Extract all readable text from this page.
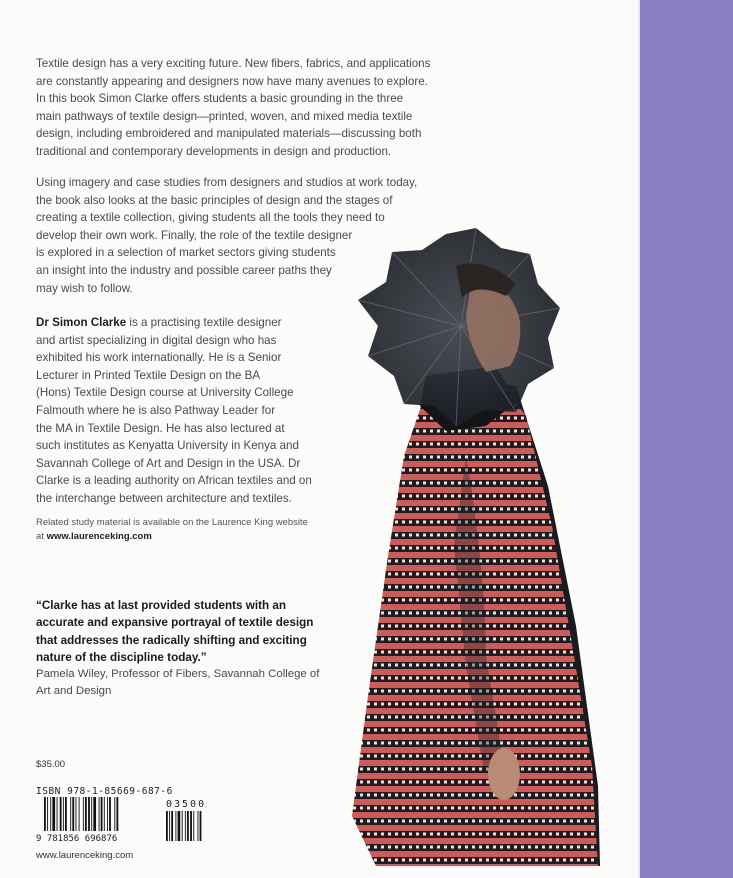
Textile design has a very exciting future. New fibers, fabrics, and applications
are constantly appearing and designers now have many avenues to explore.
In this book Simon Clarke offers students a basic grounding in the three
main pathways of textile design—printed, woven, and mixed media textile
design, including embroidered and manipulated materials—discussing both
traditional and contemporary developments in design and production.

Using imagery and case studies from designers and studios at work today,
the book also looks at the basic principles of design and the stages of
creating a textile collection, giving students all the tools they need to
develop their own work. Finally, the role of the textile designer
is explored in a selection of market sectors giving students
an insight into the industry and possible career paths they
may wish to follow.

Dr Simon Clarke is a practising textile designer
and artist specializing in digital design who has
exhibited his work internationally. He is a Senior
Lecturer in Printed Textile Design on the BA
(Hons) Textile Design course at University College
Falmouth where he is also Pathway Leader for
the MA in Textile Design. He has also lectured at
such institutes as Kenyatta University in Kenya and
Savannah College of Art and Design in the USA. Dr
Clarke is a leading authority on African textiles and on
the interchange between architecture and textiles.

Related study material is available on the Laurence King website
at www.laurenceking.com

“Clarke has at last provided students with an
accurate and expansive portrayal of textile design
that addresses the radically shifting and exciting
nature of the discipline today.”

Pamela Wiley, Professor of Fibers, Savannah College of
Art and Design

$35.00
ISBN 978-1-85669-687-6
9 781856 696876
03500
www.laurenceking.com
